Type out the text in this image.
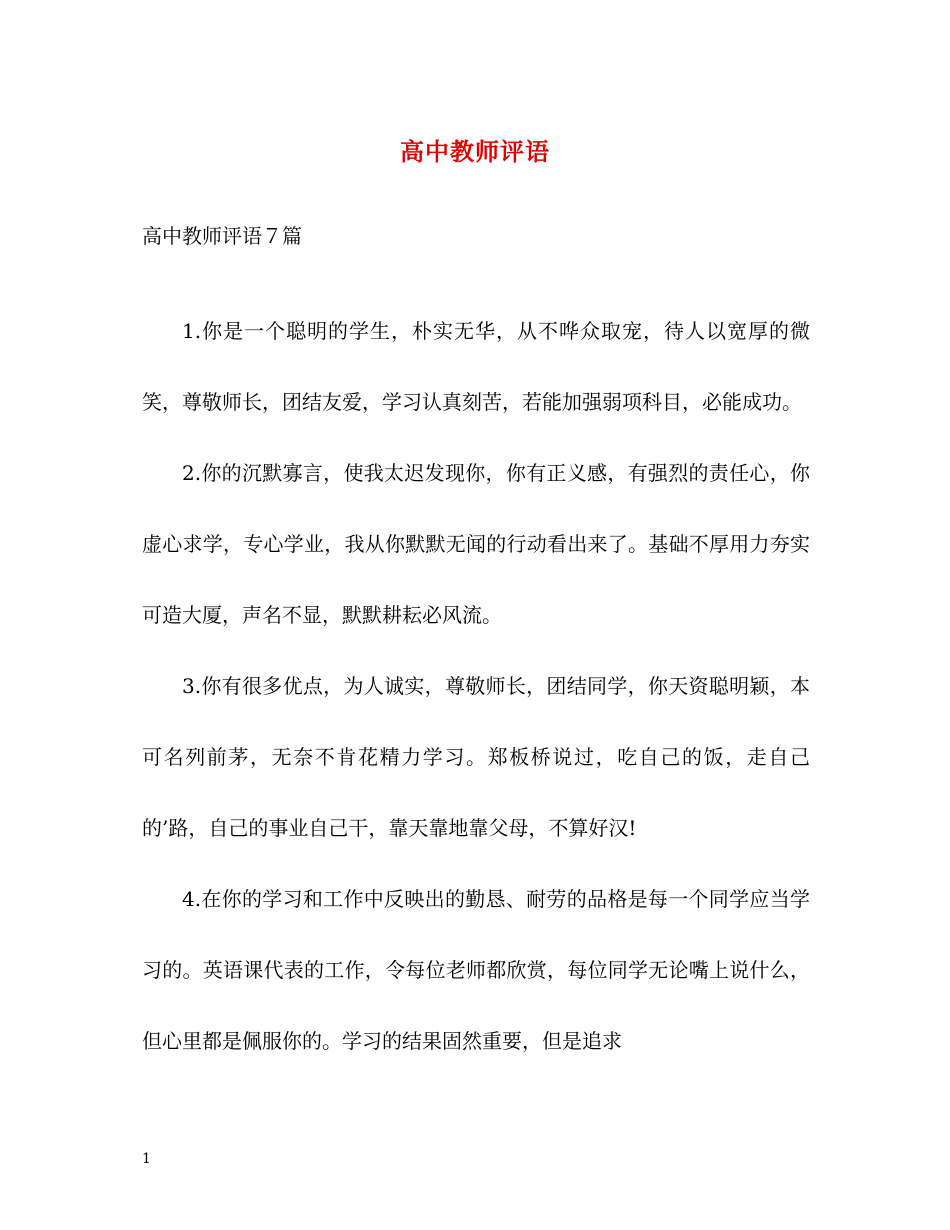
高中教师评语
高中教师评语７篇

1.你是一个聪明的学生，朴实无华，从不哗众取宠，待人以宽厚的微笑，尊敬师长，团结友爱，学习认真刻苦，若能加强弱项科目，必能成功。

2.你的沉默寡言，使我太迟发现你，你有正义感，有强烈的责任心，你虚心求学，专心学业，我从你默默无闻的行动看出来了。基础不厚用力夯实可造大厦，声名不显，默默耕耘必风流。

3.你有很多优点，为人诚实，尊敬师长，团结同学，你天资聪明颖，本可名列前茅，无奈不肯花精力学习。郑板桥说过，吃自己的饭，走自己的’路，自己的事业自己干，靠天靠地靠父母，不算好汉!

4.在你的学习和工作中反映出的勤恳、耐劳的品格是每一个同学应当学习的。英语课代表的工作，令每位老师都欣赏，每位同学无论嘴上说什么，但心里都是佩服你的。学习的结果固然重要，但是追求

1
